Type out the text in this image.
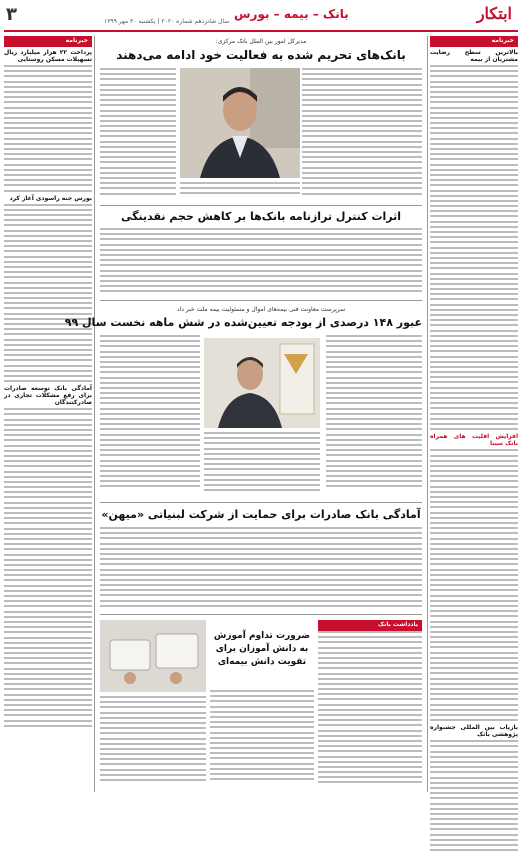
۳	بانک – بیمه – بورس
سال شانزدهم شماره ۲۰۲۰ | یکشنبه ۳۰ مهر ۱۳۹۹	ابتکار
خبرنامه
بالاترین سطح رضایت مشتریان از بیمه
افزایش اقلیت های همراه بانک سینا
بازیاب بین المللی جشنواره پژوهشی بانک
خبرنامه
پرداخت ۲۲ هزار میلیارد ریال تسهیلات مسکن روستایی
بورس جنه راسودی آغاز کرد
آمادگی بانک توسعه صادرات برای رفع مشکلات تجاری در صادرکنندگان
مدیرکل امور بین الملل بانک مرکزی:
بانک‌های تحریم شده به فعالیت خود ادامه می‌دهند
اثرات کنترل ترازنامه بانک‌ها بر کاهش حجم نقدینگی
سرپرست معاونت فنی بیمه‌های اموال و مسئولیت بیمه ملت خبر داد
عبور ۱۴۸ درصدی از بودجه تعیین‌شده در شش ماهه نخست سال ۹۹
آمادگی بانک صادرات برای حمایت از شرکت لبنیاتی «میهن»
یادداشت بانک
ضرورت تداوم آموزش به دانش آموزان برای تقویت دانش بیمه‌ای
